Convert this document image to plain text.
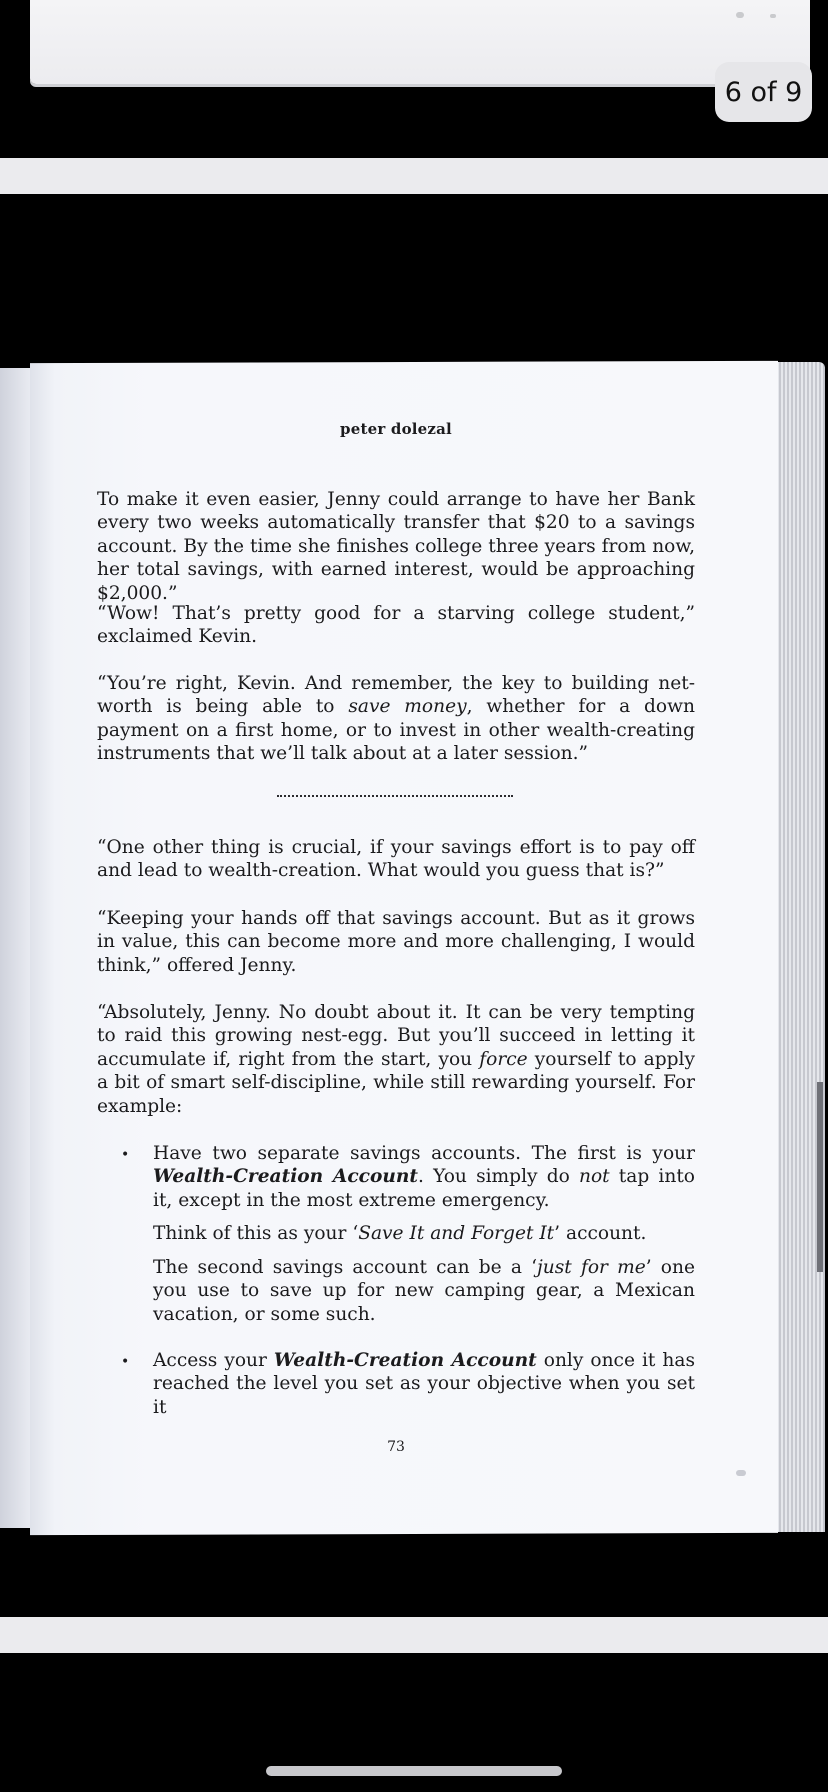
6 of 9
peter dolezal

To make it even easier, Jenny could arrange to have her Bank every two weeks automatically transfer that $20 to a savings account. By the time she finishes college three years from now, her total savings, with earned interest, would be approaching $2,000.”

“Wow! That’s pretty good for a starving college student,” exclaimed Kevin.

“You’re right, Kevin. And remember, the key to building net-worth is being able to save money, whether for a down payment on a first home, or to invest in other wealth-creating instruments that we’ll talk about at a later session.”

“One other thing is crucial, if your savings effort is to pay off and lead to wealth-creation. What would you guess that is?”

“Keeping your hands off that savings account. But as it grows in value, this can become more and more challenging, I would think,” offered Jenny.

“Absolutely, Jenny. No doubt about it. It can be very tempting to raid this growing nest-egg. But you’ll succeed in letting it accumulate if, right from the start, you force yourself to apply a bit of smart self-discipline, while still rewarding yourself. For example:

• Have two separate savings accounts. The first is your Wealth-Creation Account. You simply do not tap into it, except in the most extreme emergency.

Think of this as your ‘Save It and Forget It’ account.

The second savings account can be a ‘just for me’ one you use to save up for new camping gear, a Mexican vacation, or some such.

• Access your Wealth-Creation Account only once it has reached the level you set as your objective when you set it

73
